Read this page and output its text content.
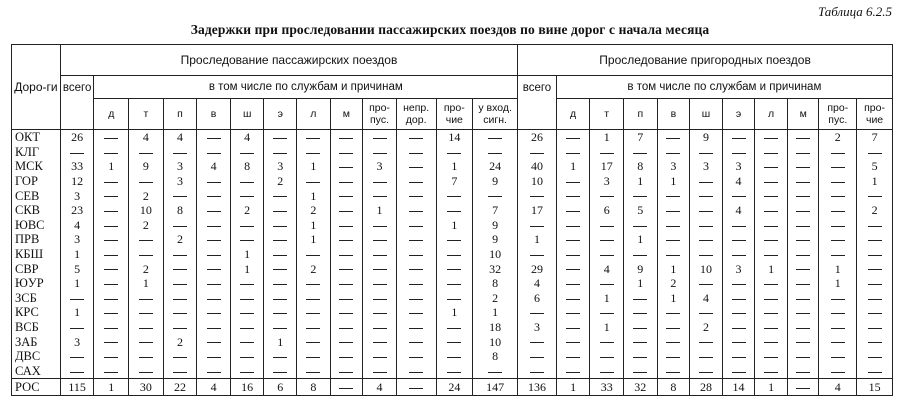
Таблица 6.2.5
Задержки при проследовании пассажирских поездов по вине дорог с начала месяца
Доро-ги	Проследование пассажирских поездов													Проследование пригородных поездов										
	всего	в том числе по службам и причинам												всего	в том числе по службам и причинам									
		д	т	п	в	ш	э	л	м	про-пус.	непр. дор.	про-чие	у вход. сигн.		д	т	п	в	ш	э	л	м	про-пус.	про-чие
ОКТ	26		4	4		4						14		26		1	7		9				2	7
КЛГ																								
МСК	33	1	9	3	4	8	3	1		3		1	24	40	1	17	8	3	3	3				5
ГОР	12			3			2					7	9	10		3	1	1		4				1
СЕВ	3		2					1																
СКВ	23		10	8		2		2		1			7	17		6	5			4				2
ЮВС	4		2					1				1	9											
ПРВ	3			2				1					9	1			1							
КБШ	1					1							10											
СВР	5		2			1		2					32	29		4	9	1	10	3	1		1	
ЮУР	1		1										8	4			1	2					1	
ЗСБ													2	6		1		1	4					
КРС	1											1	1											
ВСБ													18	3		1			2					
ЗАБ	3			2			1						10											
ДВС													8											
САХ																								
РОС	115	1	30	22	4	16	6	8		4		24	147	136	1	33	32	8	28	14	1		4	15
